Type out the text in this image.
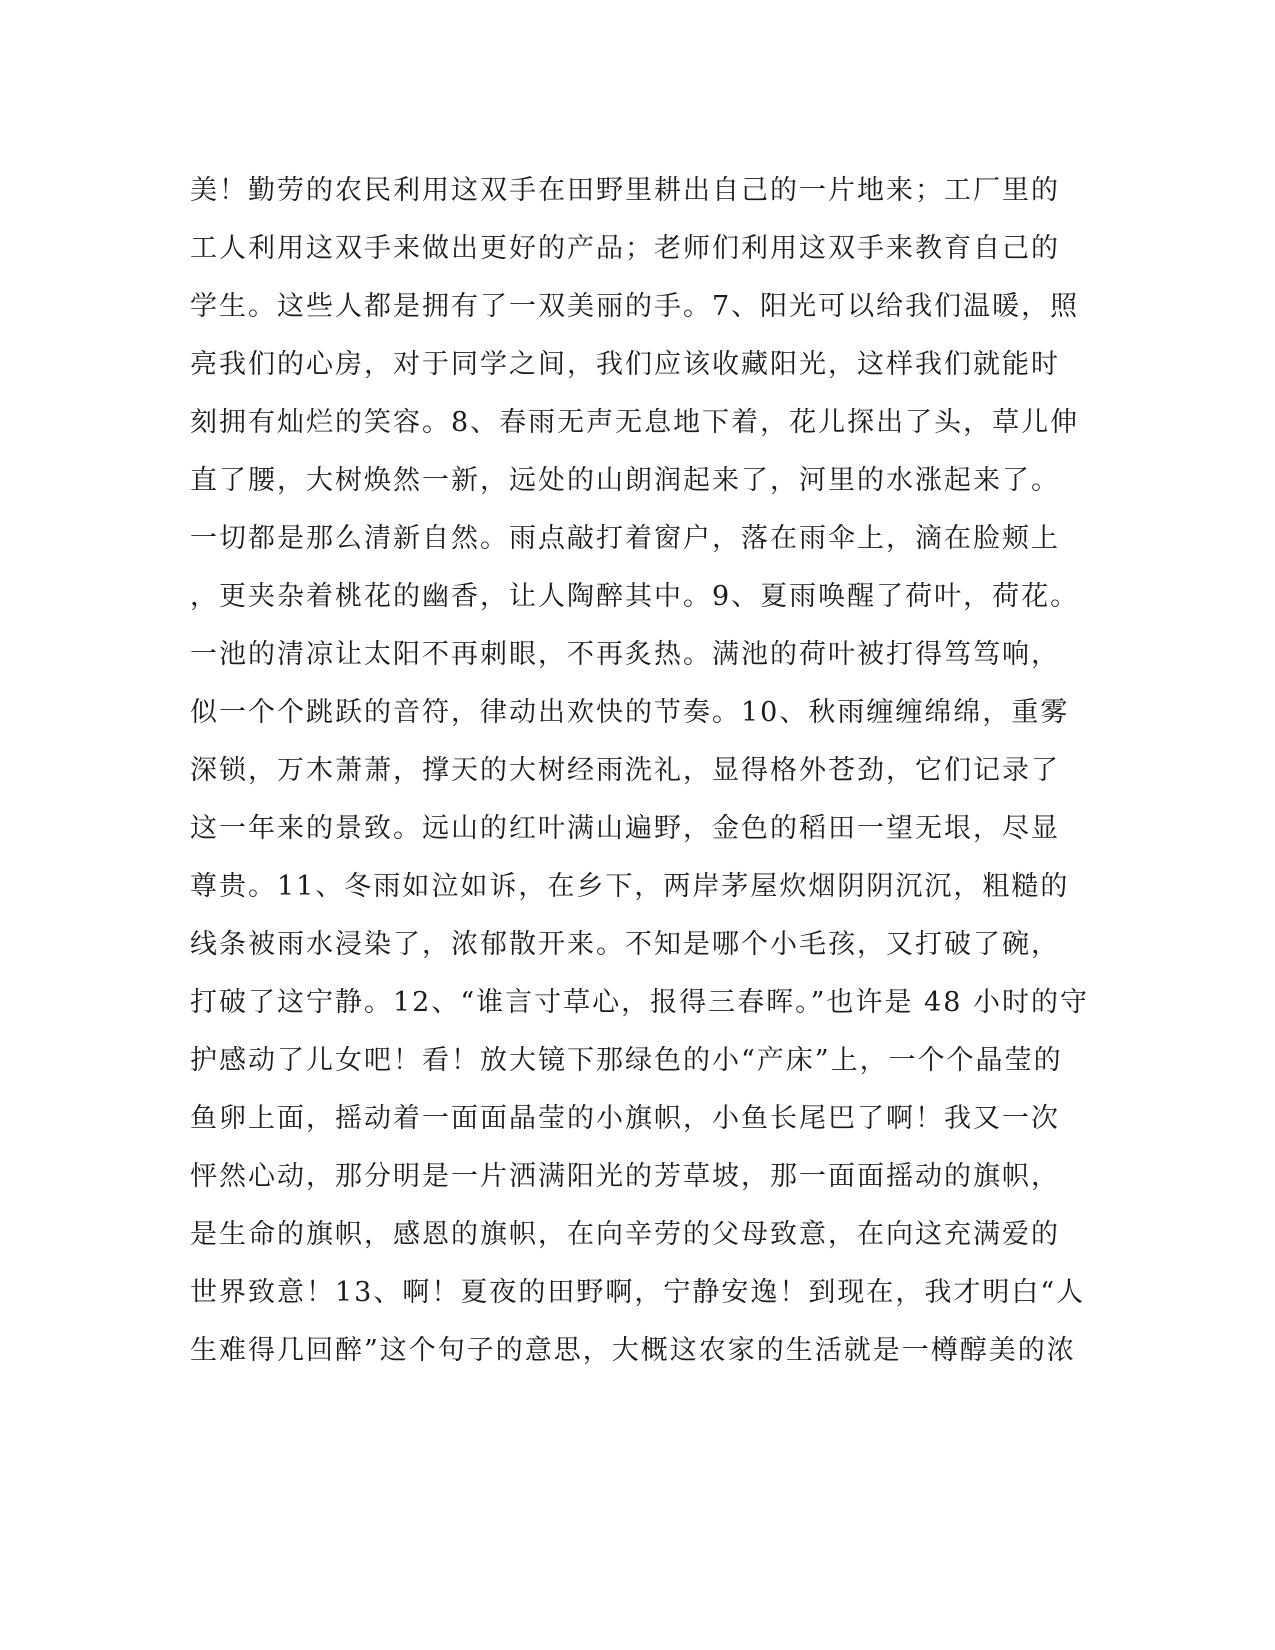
美！勤劳的农民利用这双手在田野里耕出自己的一片地来；工厂里的
工人利用这双手来做出更好的产品；老师们利用这双手来教育自己的
学生。这些人都是拥有了一双美丽的手。7、阳光可以给我们温暖，照
亮我们的心房，对于同学之间，我们应该收藏阳光，这样我们就能时
刻拥有灿烂的笑容。8、春雨无声无息地下着，花儿探出了头，草儿伸
直了腰，大树焕然一新，远处的山朗润起来了，河里的水涨起来了。
一切都是那么清新自然。雨点敲打着窗户，落在雨伞上，滴在脸颊上
，更夹杂着桃花的幽香，让人陶醉其中。9、夏雨唤醒了荷叶，荷花。
一池的清凉让太阳不再刺眼，不再炙热。满池的荷叶被打得笃笃响，
似一个个跳跃的音符，律动出欢快的节奏。10、秋雨缠缠绵绵，重雾
深锁，万木萧萧，撑天的大树经雨洗礼，显得格外苍劲，它们记录了
这一年来的景致。远山的红叶满山遍野，金色的稻田一望无垠，尽显
尊贵。11、冬雨如泣如诉，在乡下，两岸茅屋炊烟阴阴沉沉，粗糙的
线条被雨水浸染了，浓郁散开来。不知是哪个小毛孩，又打破了碗，
打破了这宁静。12、“谁言寸草心，报得三春晖。”也许是 48 小时的守
护感动了儿女吧！看！放大镜下那绿色的小“产床”上，一个个晶莹的
鱼卵上面，摇动着一面面晶莹的小旗帜，小鱼长尾巴了啊！我又一次
怦然心动，那分明是一片洒满阳光的芳草坡，那一面面摇动的旗帜，
是生命的旗帜，感恩的旗帜，在向辛劳的父母致意，在向这充满爱的
世界致意！13、啊！夏夜的田野啊，宁静安逸！到现在，我才明白“人
生难得几回醉”这个句子的意思，大概这农家的生活就是一樽醇美的浓
